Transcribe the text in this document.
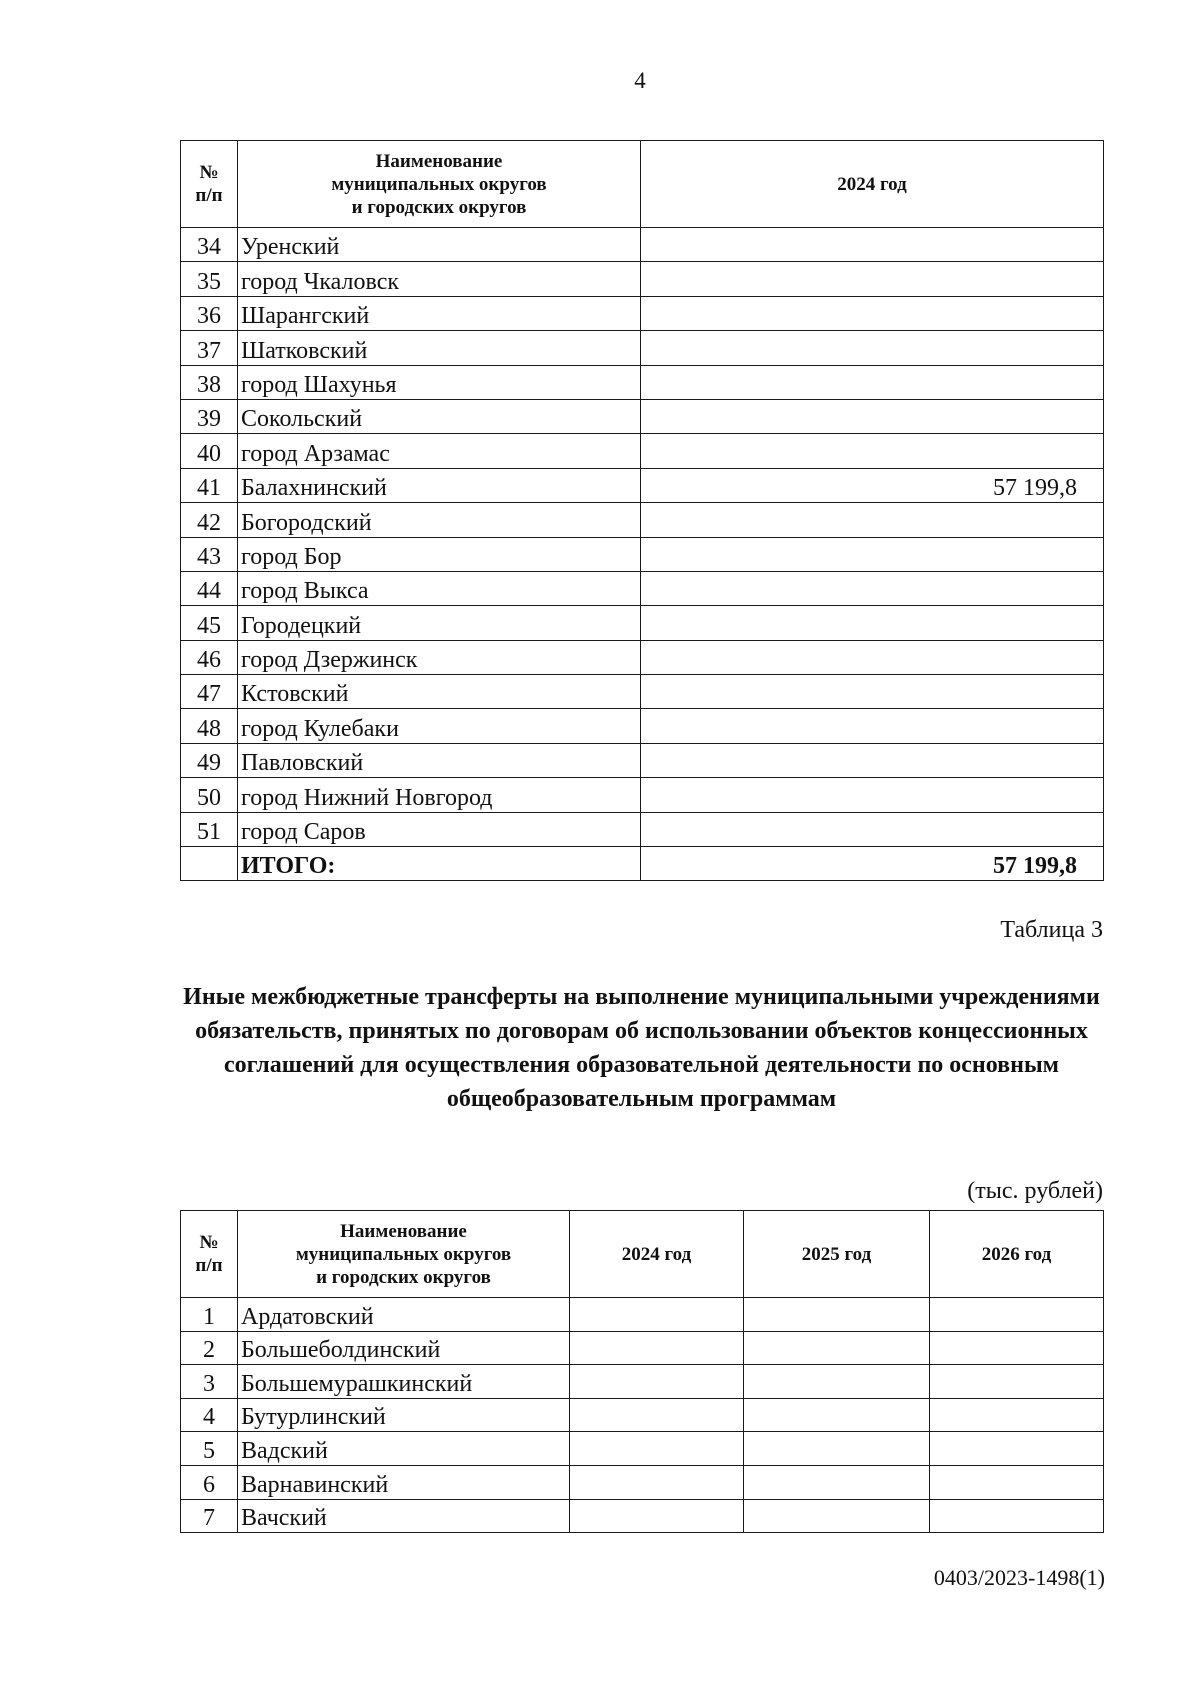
4
№
п/п	Наименование
муниципальных округов
и городских округов	2024 год
34	Уренский	
35	город Чкаловск	
36	Шарангский	
37	Шатковский	
38	город Шахунья	
39	Сокольский	
40	город Арзамас	
41	Балахнинский	57 199,8
42	Богородский	
43	город Бор	
44	город Выкса	
45	Городецкий	
46	город Дзержинск	
47	Кстовский	
48	город Кулебаки	
49	Павловский	
50	город Нижний Новгород	
51	город Саров	
	ИТОГО:	57 199,8
Таблица 3
Иные межбюджетные трансферты на выполнение муниципальными учреждениями обязательств, принятых по договорам об использовании объектов концессионных соглашений для осуществления образовательной деятельности по основным общеобразовательным программам
(тыс. рублей)
№
п/п	Наименование
муниципальных округов
и городских округов	2024 год	2025 год	2026 год
1	Ардатовский			
2	Большеболдинский			
3	Большемурашкинский			
4	Бутурлинский			
5	Вадский			
6	Варнавинский			
7	Вачский			
0403/2023-1498(1)
